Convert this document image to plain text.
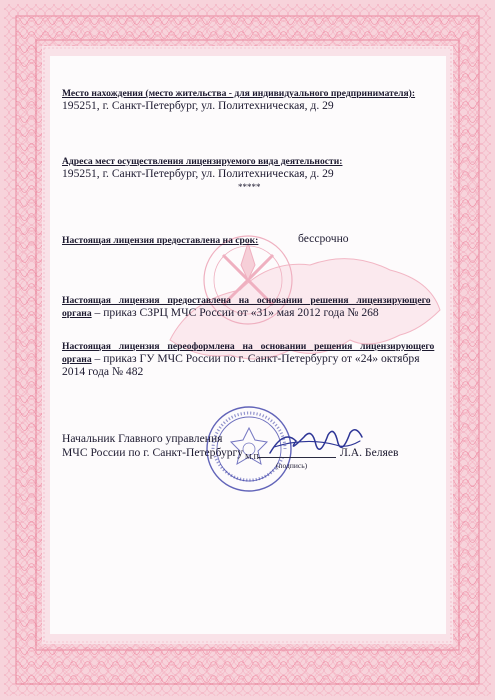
Место нахождения (место жительства - для индивидуального предпринимателя):
195251, г. Санкт-Петербург, ул. Политехническая, д. 29
Адреса мест осуществления лицензируемого вида деятельности:
195251, г. Санкт-Петербург, ул. Политехническая, д. 29
*****
Настоящая лицензия предоставлена на срок:	бессрочно
Настоящая лицензия предоставлена на основании решения лицензирующего
органа – приказ СЗРЦ МЧС России от «31» мая 2012 года № 268
Настоящая лицензия переоформлена на основании решения лицензирующего
органа – приказ ГУ МЧС России по г. Санкт-Петербургу от «24» октября
2014 года № 482
Начальник Главного управления
МЧС России по г. Санкт-Петербургу М.П.
(подпись)
Л.А. Беляев
